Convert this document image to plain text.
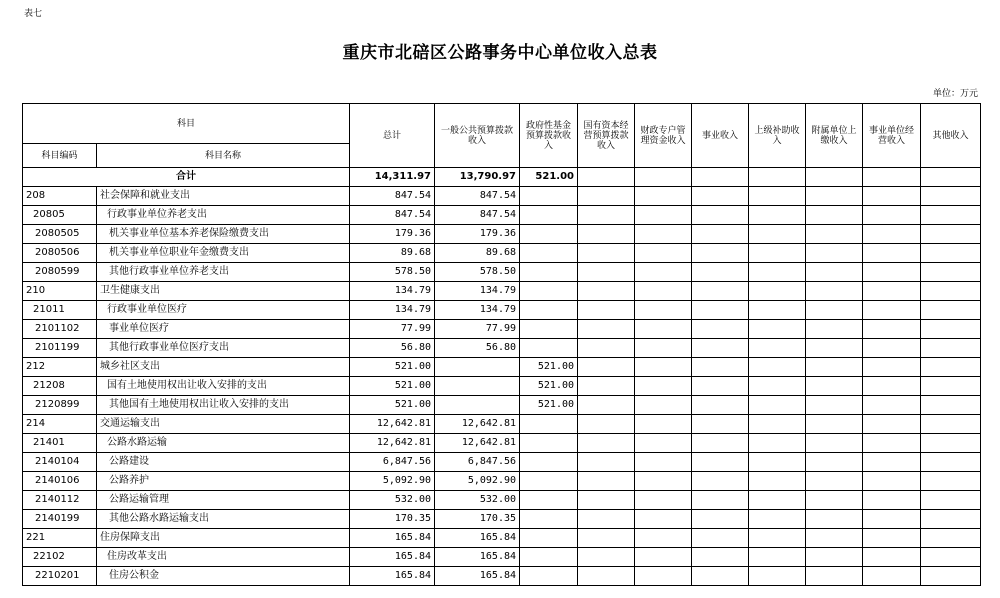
表七
重庆市北碚区公路事务中心单位收入总表
单位：万元
科目		总计	一般公共预算拨款收入	政府性基金预算拨款收入	国有资本经营预算拨款收入	财政专户管理资金收入	事业收入	上级补助收入	附属单位上缴收入	事业单位经营收入	其他收入
科目编码	科目名称										
合计		14,311.97	13,790.97	521.00							
208	社会保障和就业支出	847.54	847.54								
20805	行政事业单位养老支出	847.54	847.54								
2080505	机关事业单位基本养老保险缴费支出	179.36	179.36								
2080506	机关事业单位职业年金缴费支出	89.68	89.68								
2080599	其他行政事业单位养老支出	578.50	578.50								
210	卫生健康支出	134.79	134.79								
21011	行政事业单位医疗	134.79	134.79								
2101102	事业单位医疗	77.99	77.99								
2101199	其他行政事业单位医疗支出	56.80	56.80								
212	城乡社区支出	521.00		521.00							
21208	国有土地使用权出让收入安排的支出	521.00		521.00							
2120899	其他国有土地使用权出让收入安排的支出	521.00		521.00							
214	交通运输支出	12,642.81	12,642.81								
21401	公路水路运输	12,642.81	12,642.81								
2140104	公路建设	6,847.56	6,847.56								
2140106	公路养护	5,092.90	5,092.90								
2140112	公路运输管理	532.00	532.00								
2140199	其他公路水路运输支出	170.35	170.35								
221	住房保障支出	165.84	165.84								
22102	住房改革支出	165.84	165.84								
2210201	住房公积金	165.84	165.84								
